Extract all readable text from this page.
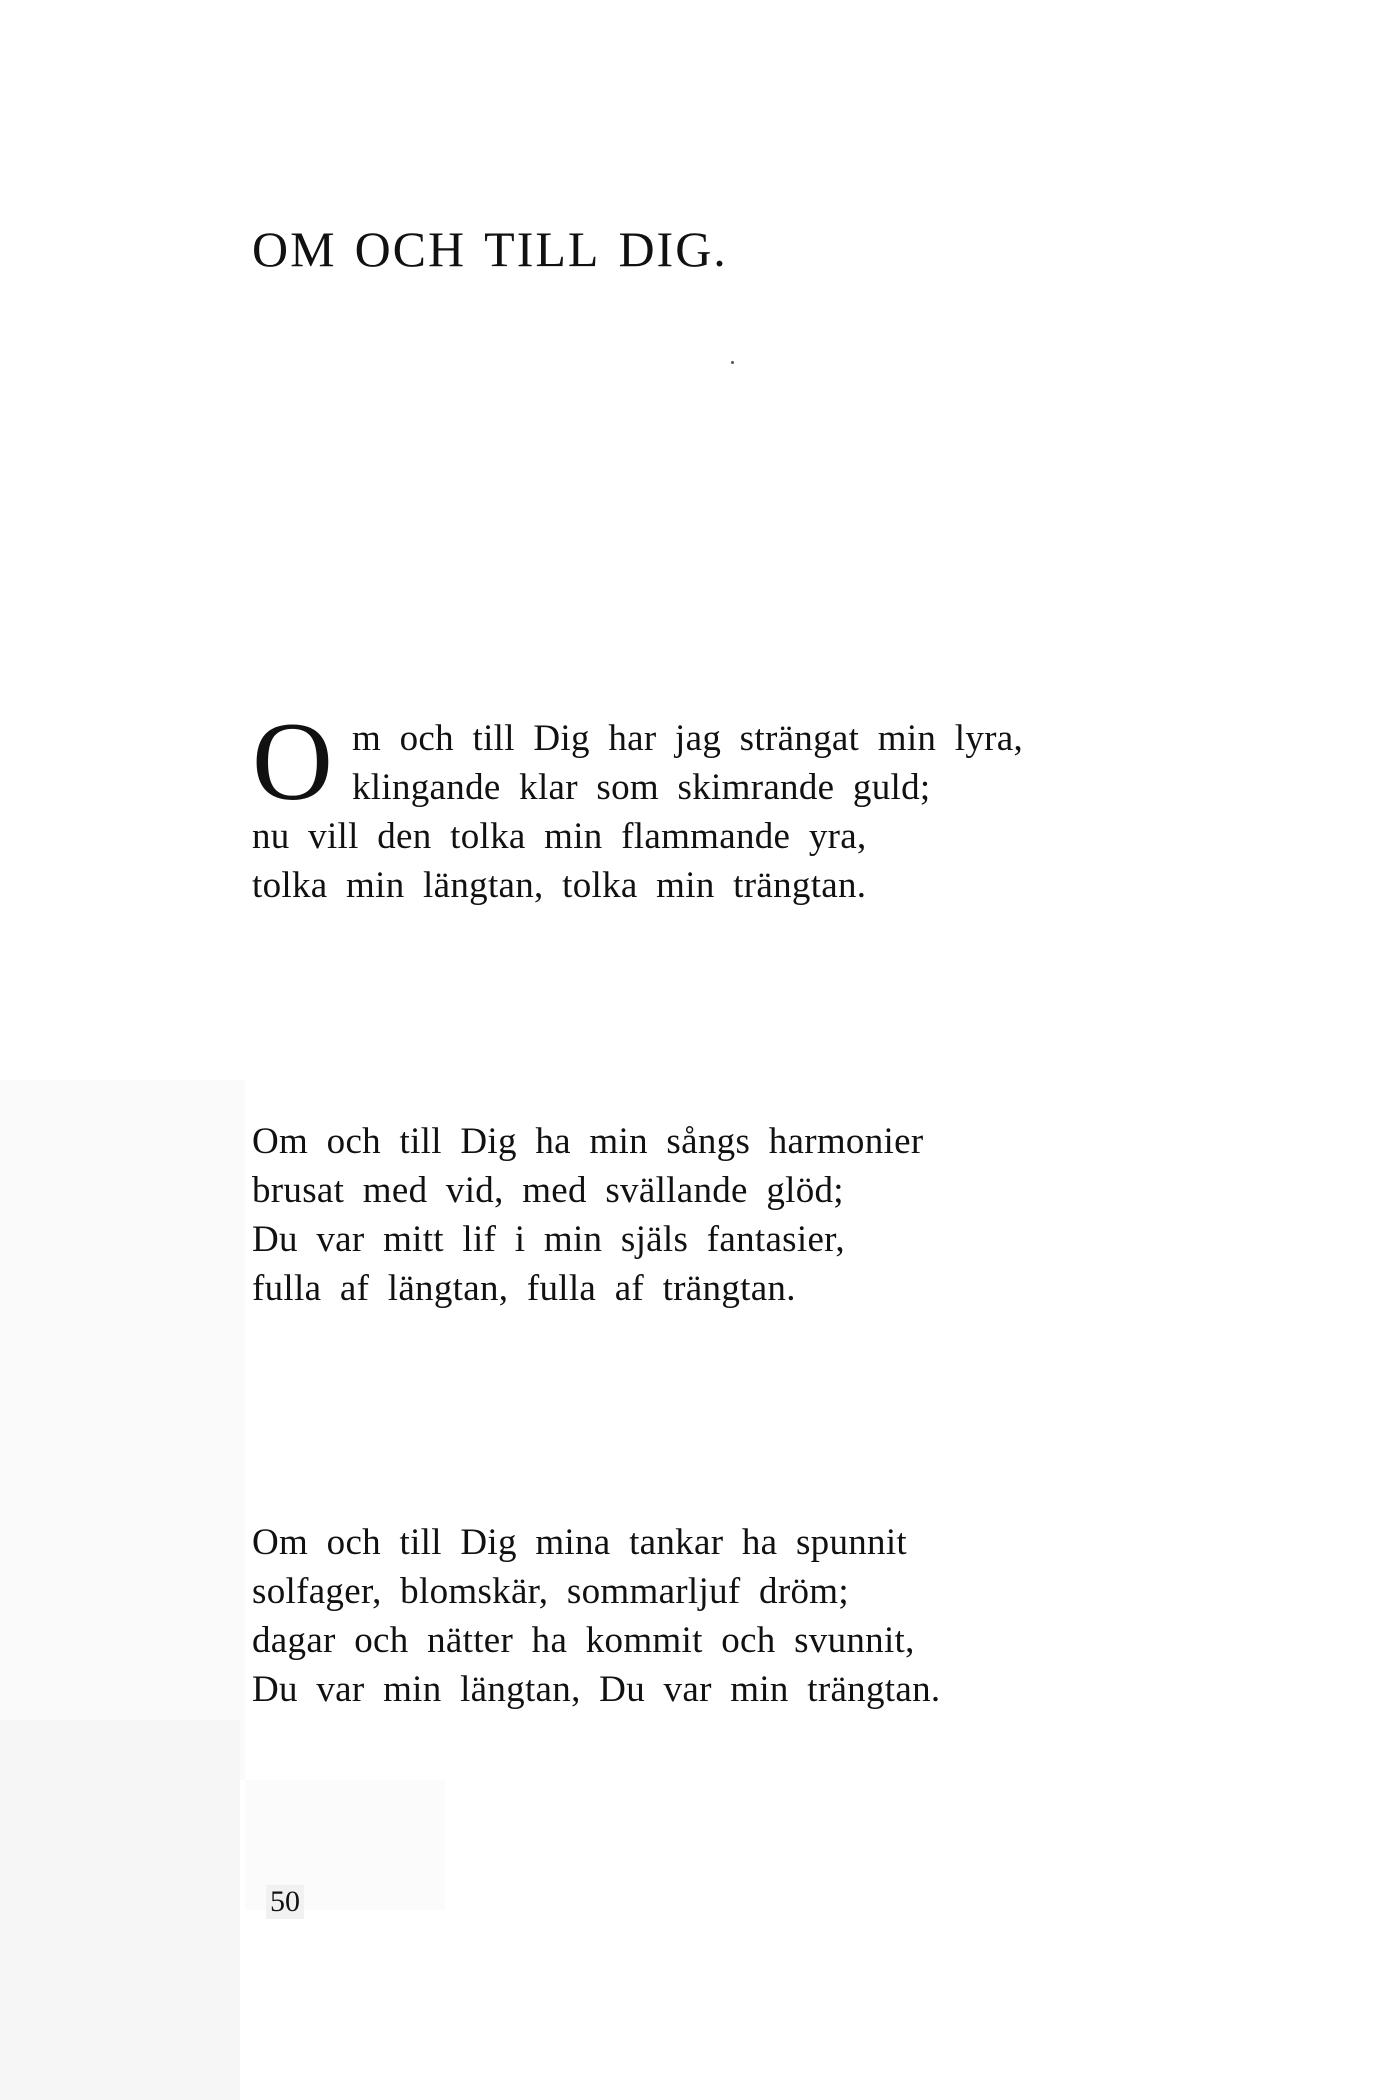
OM OCH TILL DIG.
O m och till Dig har jag strängat min lyra,
klingande klar som skimrande guld;
nu vill den tolka min flammande yra,
tolka min längtan, tolka min trängtan.
Om och till Dig ha min sångs harmonier
brusat med vid, med svällande glöd;
Du var mitt lif i min själs fantasier,
fulla af längtan, fulla af trängtan.
Om och till Dig mina tankar ha spunnit
solfager, blomskär, sommarljuf dröm;
dagar och nätter ha kommit och svunnit,
Du var min längtan, Du var min trängtan.
50
